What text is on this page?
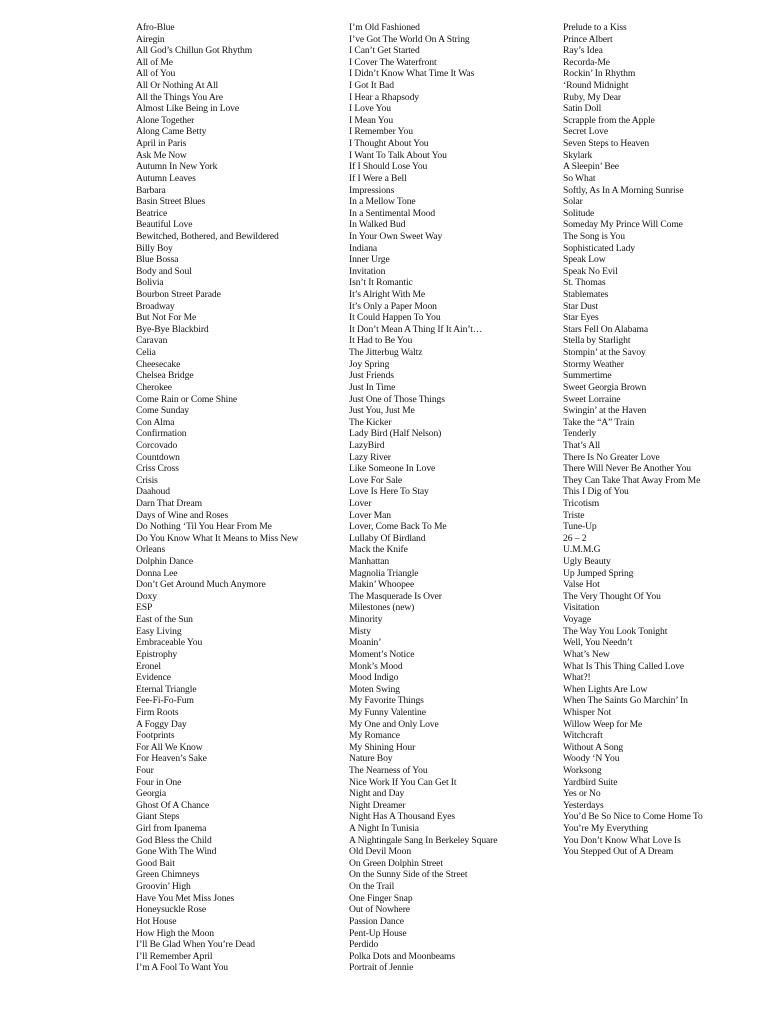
Afro-Blue
Airegin
All God’s Chillun Got Rhythm
All of Me
All of You
All Or Nothing At All
All the Things You Are
Almost Like Being in Love
Alone Together
Along Came Betty
April in Paris
Ask Me Now
Autumn In New York
Autumn Leaves
Barbara
Basin Street Blues
Beatrice
Beautiful Love
Bewitched, Bothered, and Bewildered
Billy Boy
Blue Bossa
Body and Soul
Bolivia
Bourbon Street Parade
Broadway
But Not For Me
Bye-Bye Blackbird
Caravan
Celia
Cheesecake
Chelsea Bridge
Cherokee
Come Rain or Come Shine
Come Sunday
Con Alma
Confirmation
Corcovado
Countdown
Criss Cross
Crisis
Daahoud
Darn That Dream
Days of Wine and Roses
Do Nothing ‘Til You Hear From Me
Do You Know What It Means to Miss New
Orleans
Dolphin Dance
Donna Lee
Don’t Get Around Much Anymore
Doxy
ESP
East of the Sun
Easy Living
Embraceable You
Epistrophy
Eronel
Evidence
Eternal Triangle
Fee-Fi-Fo-Fum
Firm Roots
A Foggy Day
Footprints
For All We Know
For Heaven’s Sake
Four
Four in One
Georgia
Ghost Of A Chance
Giant Steps
Girl from Ipanema
God Bless the Child
Gone With The Wind
Good Bait
Green Chimneys
Groovin’ High
Have You Met Miss Jones
Honeysuckle Rose
Hot House
How High the Moon
I’ll Be Glad When You’re Dead
I’ll Remember April
I’m A Fool To Want You
I’m Old Fashioned
I’ve Got The World On A String
I Can’t Get Started
I Cover The Waterfront
I Didn’t Know What Time It Was
I Got It Bad
I Hear a Rhapsody
I Love You
I Mean You
I Remember You
I Thought About You
I Want To Talk About You
If I Should Lose You
If I Were a Bell
Impressions
In a Mellow Tone
In a Sentimental Mood
In Walked Bud
In Your Own Sweet Way
Indiana
Inner Urge
Invitation
Isn’t It Romantic
It’s Alright With Me
It’s Only a Paper Moon
It Could Happen To You
It Don’t Mean A Thing If It Ain’t…
It Had to Be You
The Jitterbug Waltz
Joy Spring
Just Friends
Just In Time
Just One of Those Things
Just You, Just Me
The Kicker
Lady Bird (Half Nelson)
LazyBird
Lazy River
Like Someone In Love
Love For Sale
Love Is Here To Stay
Lover
Lover Man
Lover, Come Back To Me
Lullaby Of Birdland
Mack the Knife
Manhattan
Magnolia Triangle
Makin’ Whoopee
The Masquerade Is Over
Milestones (new)
Minority
Misty
Moanin’
Moment’s Notice
Monk’s Mood
Mood Indigo
Moten Swing
My Favorite Things
My Funny Valentine
My One and Only Love
My Romance
My Shining Hour
Nature Boy
The Nearness of You
Nice Work If You Can Get It
Night and Day
Night Dreamer
Night Has A Thousand Eyes
A Night In Tunisia
A Nightingale Sang In Berkeley Square
Old Devil Moon
On Green Dolphin Street
On the Sunny Side of the Street
On the Trail
One Finger Snap
Out of Nowhere
Passion Dance
Pent-Up House
Perdido
Polka Dots and Moonbeams
Portrait of Jennie
Prelude to a Kiss
Prince Albert
Ray’s Idea
Recorda-Me
Rockin’ In Rhythm
‘Round Midnight
Ruby, My Dear
Satin Doll
Scrapple from the Apple
Secret Love
Seven Steps to Heaven
Skylark
A Sleepin’ Bee
So What
Softly, As In A Morning Sunrise
Solar
Solitude
Someday My Prince Will Come
The Song is You
Sophisticated Lady
Speak Low
Speak No Evil
St. Thomas
Stablemates
Star Dust
Star Eyes
Stars Fell On Alabama
Stella by Starlight
Stompin’ at the Savoy
Stormy Weather
Summertime
Sweet Georgia Brown
Sweet Lorraine
Swingin’ at the Haven
Take the “A” Train
Tenderly
That’s All
There Is No Greater Love
There Will Never Be Another You
They Can Take That Away From Me
This I Dig of You
Tricotism
Triste
Tune-Up
26 – 2
U.M.M.G
Ugly Beauty
Up Jumped Spring
Valse Hot
The Very Thought Of You
Visitation
Voyage
The Way You Look Tonight
Well, You Needn’t
What’s New
What Is This Thing Called Love
What?!
When Lights Are Low
When The Saints Go Marchin’ In
Whisper Not
Willow Weep for Me
Witchcraft
Without A Song
Woody ‘N You
Worksong
Yardbird Suite
Yes or No
Yesterdays
You’d Be So Nice to Come Home To
You’re My Everything
You Don’t Know What Love Is
You Stepped Out of A Dream
